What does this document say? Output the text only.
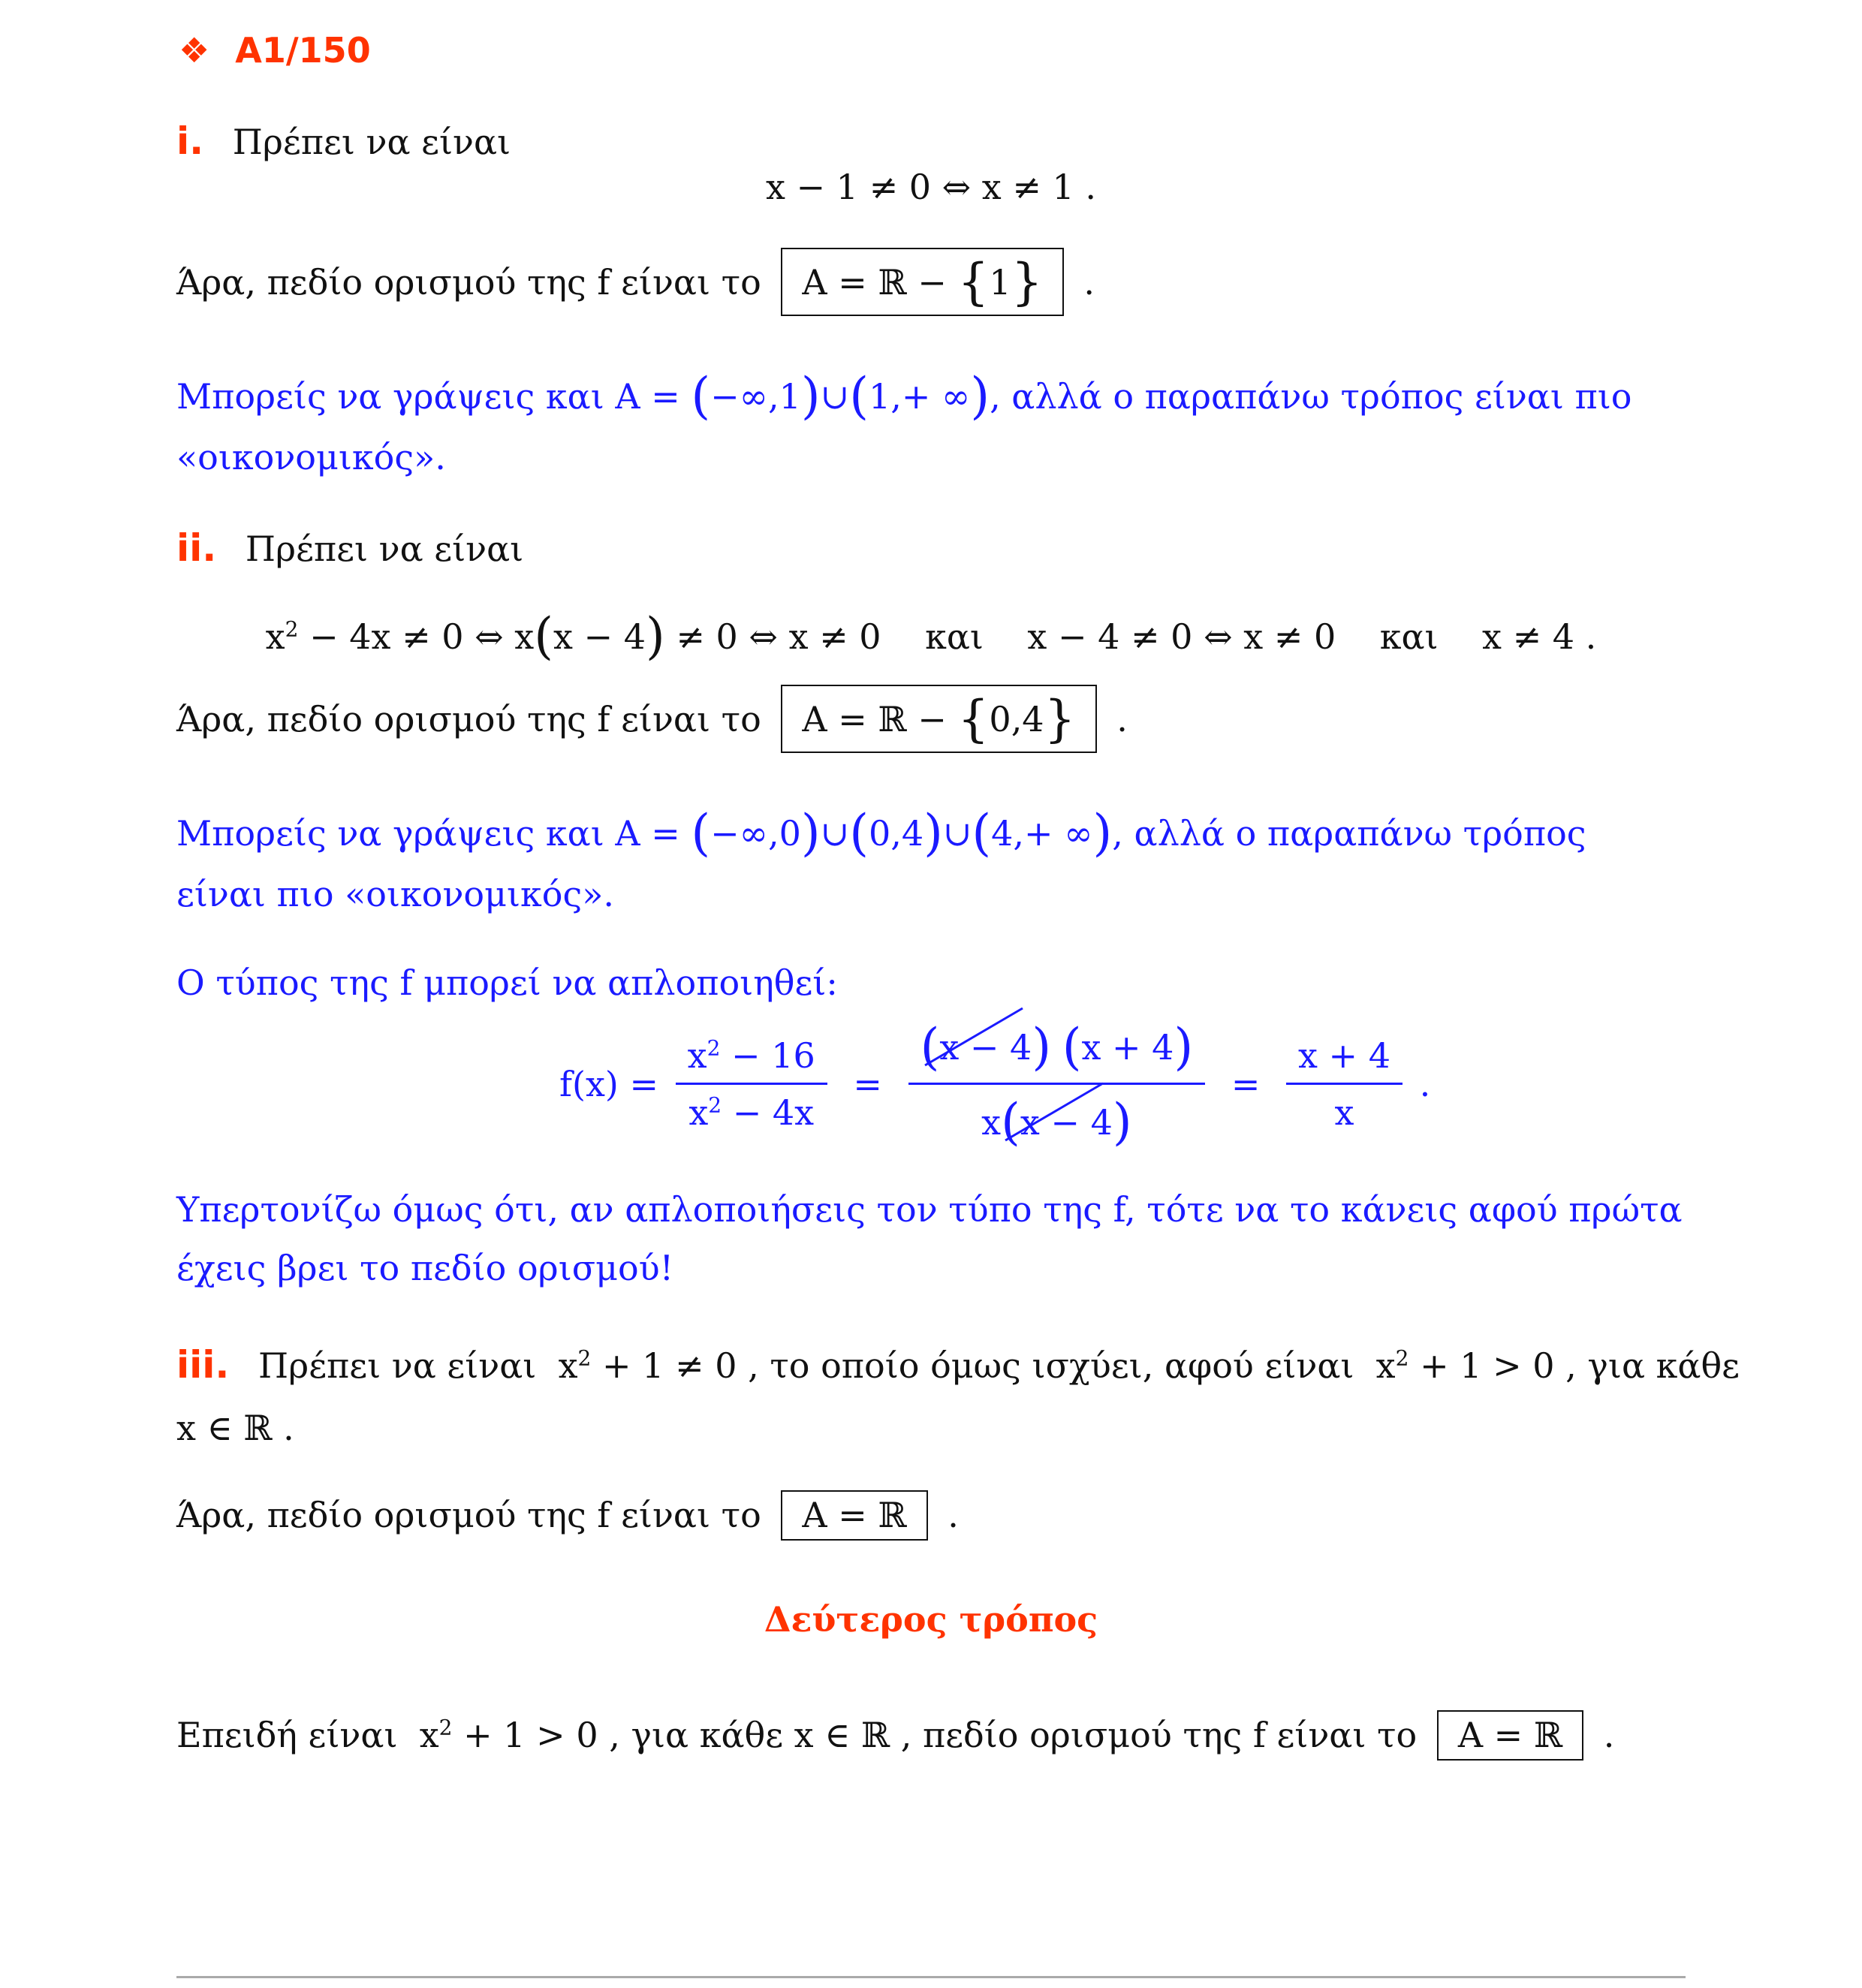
❖ A1/150
i. Πρέπει να είναι
x − 1 ≠ 0 ⇔ x ≠ 1 .
Άρα, πεδίο ορισμού της f είναι το A = ℝ − {1} .
Μπορείς να γράψεις και A = (−∞,1)∪(1,+ ∞), αλλά ο παραπάνω τρόπος είναι πιο
«οικονομικός».
ii. Πρέπει να είναι
$x^2 - 4x \ne 0$ ⇔ x(x − 4) ≠ 0 ⇔ x ≠ 0    και    x − 4 ≠ 0 ⇔ x ≠ 0    και    x ≠ 4 .
Άρα, πεδίο ορισμού της f είναι το A = ℝ − {0,4} .
Μπορείς να γράψεις και A = (−∞,0)∪(0,4)∪(4,+ ∞), αλλά ο παραπάνω τρόπος
είναι πιο «οικονομικός».
Ο τύπος της f μπορεί να απλοποιηθεί:
$f(x) = \frac{x^2 - 16}{x^2 - 4x} = \frac{(x - 4) (x + 4)}{x(x - 4)} = \frac{x + 4}{x}$ .
Υπερτονίζω όμως ότι, αν απλοποιήσεις τον τύπο της f, τότε να το κάνεις αφού πρώτα
έχεις βρει το πεδίο ορισμού!
iii. Πρέπει να είναι  $x^2 + 1 \ne 0$ , το οποίο όμως ισχύει, αφού είναι  $x^2 + 1 > 0$ , για κάθε
x ∈ ℝ .
Άρα, πεδίο ορισμού της f είναι το A = ℝ .
Δεύτερος τρόπος
Επειδή είναι  $x^2 + 1 > 0$ , για κάθε x ∈ ℝ , πεδίο ορισμού της f είναι το A = ℝ .
